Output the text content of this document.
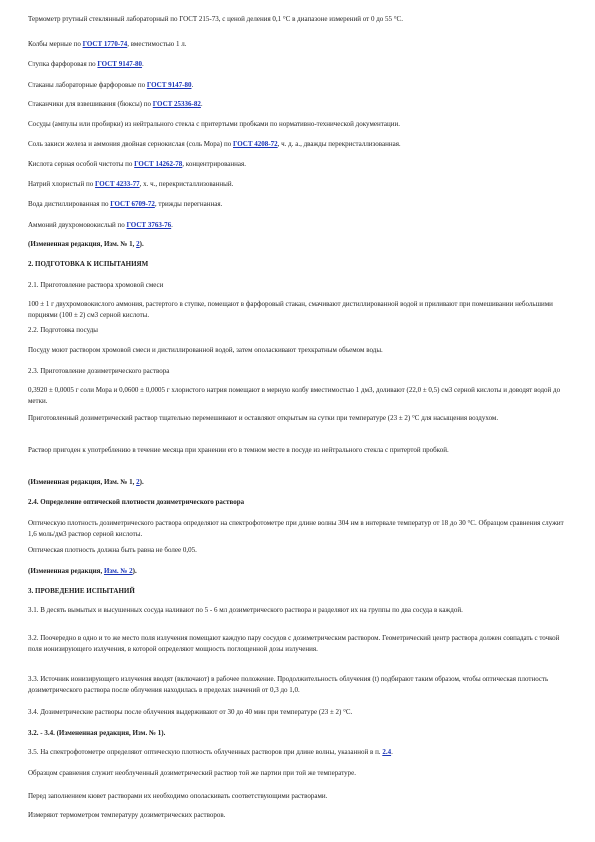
Термометр ртутный стеклянный лабораторный по ГОСТ 215-73, с ценой деления 0,1 °С в диапазоне измерений от 0 до 55 °С.
Колбы мерные по ГОСТ 1770-74, вместимостью 1 л.
Ступка фарфоровая по ГОСТ 9147-80.
Стаканы лабораторные фарфоровые по ГОСТ 9147-80.
Стаканчики для взвешивания (бюксы) по ГОСТ 25336-82.
Сосуды (ампулы или пробирки) из нейтрального стекла с притертыми пробками по нормативно-технической документации.
Соль закиси железа и аммония двойная сернокислая (соль Мора) по ГОСТ 4208-72, ч. д. а., дважды перекристаллизованная.
Кислота серная особой чистоты по ГОСТ 14262-78, концентрированная.
Натрий хлористый по ГОСТ 4233-77, х. ч., перекристаллизованный.
Вода дистиллированная по ГОСТ 6709-72, трижды перегнанная.
Аммоний двухромовокислый по ГОСТ 3763-76.
(Измененная редакция, Изм. № 1, 2).
2. ПОДГОТОВКА К ИСПЫТАНИЯМ
2.1. Приготовление раствора хромовой смеси
100 ± 1 г двухромовокислого аммония, растертого в ступке, помещают в фарфоровый стакан, смачивают дистиллированной водой и приливают при помешивании небольшими порциями (100 ± 2) см3 серной кислоты.
2.2. Подготовка посуды
Посуду моют раствором хромовой смеси и дистиллированной водой, затем ополаскивают трехкратным объемом воды.
2.3. Приготовление дозиметрического раствора
0,3920 ± 0,0005 г соли Мора и 0,0600 ± 0,0005 г хлористого натрия помещают в мерную колбу вместимостью 1 дм3, доливают (22,0 ± 0,5) см3 серной кислоты и доводят водой до метки.
Приготовленный дозиметрический раствор тщательно перемешивают и оставляют открытым на сутки при температуре (23 ± 2) °С для насыщения воздухом.
Раствор пригоден к употреблению в течение месяца при хранении его в темном месте в посуде из нейтрального стекла с притертой пробкой.
(Измененная редакция, Изм. № 1, 2).
2.4. Определение оптической плотности дозиметрического раствора
Оптическую плотность дозиметрического раствора определяют на спектрофотометре при длине волны 304 нм в интервале температур от 18 до 30 °С. Образцом сравнения служит 1,6 моль/дм3 раствор серной кислоты.
Оптическая плотность должна быть равна не более 0,05.
(Измененная редакция, Изм. № 2).
3. ПРОВЕДЕНИЕ ИСПЫТАНИЙ
3.1. В десять вымытых и высушенных сосуда наливают по 5 - 6 мл дозиметрического раствора и разделяют их на группы по два сосуда в каждой.
3.2. Поочередно в одно и то же место поля излучения помещают каждую пару сосудов с дозиметрическим раствором. Геометрический центр раствора должен совпадать с точкой поля ионизирующего излучения, в которой определяют мощность поглощенной дозы излучения.
3.3. Источник ионизирующего излучения вводят (включают) в рабочее положение. Продолжительность облучения (t) подбирают таким образом, чтобы оптическая плотность дозиметрического раствора после облучения находилась в пределах значений от 0,3 до 1,0.
3.4. Дозиметрические растворы после облучения выдерживают от 30 до 40 мин при температуре (23 ± 2) °С.
3.2. - 3.4. (Измененная редакция, Изм. № 1).
3.5. На спектрофотометре определяют оптическую плотность облученных растворов при длине волны, указанной в п. 2.4.
Образцом сравнения служит необлученный дозиметрический раствор той же партии при той же температуре.
Перед заполнением кювет растворами их необходимо ополаскивать соответствующими растворами.
Измеряют термометром температуру дозиметрических растворов.
